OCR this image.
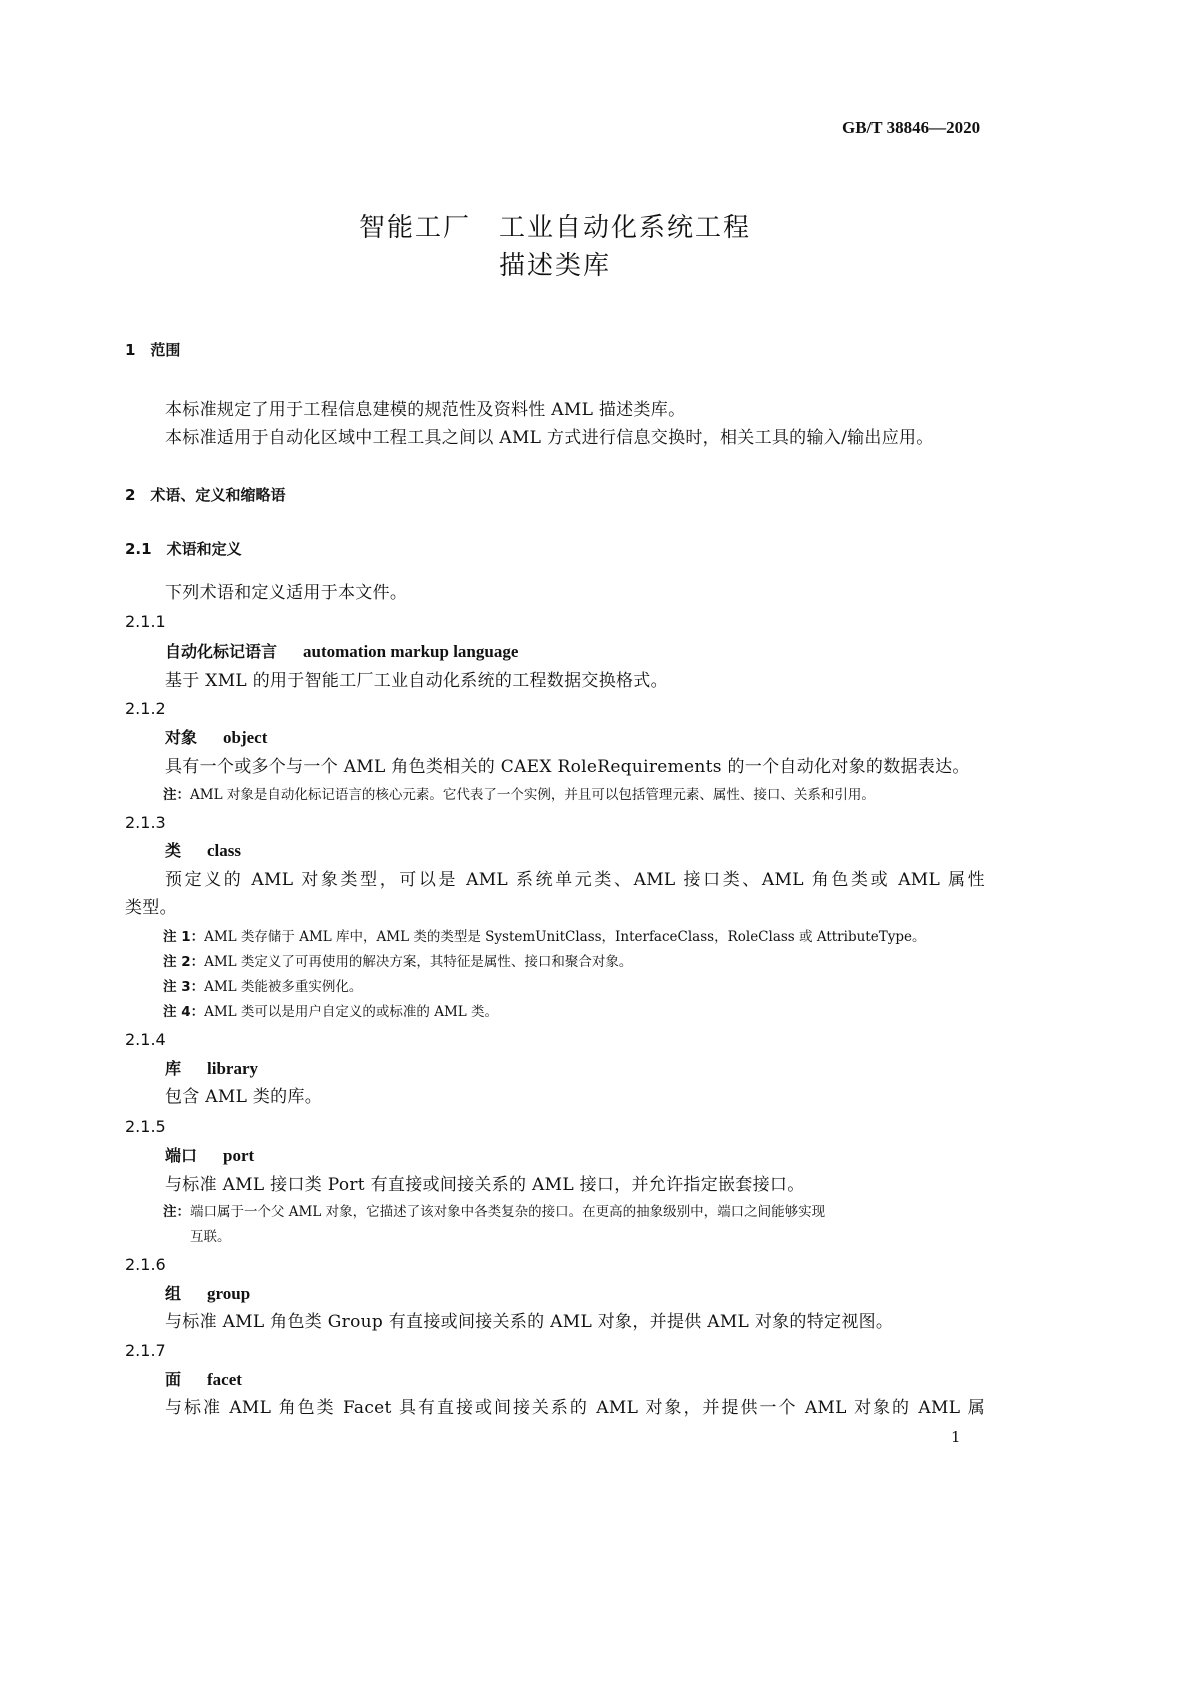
GB/T 38846—2020
智能工厂　工业自动化系统工程
描述类库
1　范围
本标准规定了用于工程信息建模的规范性及资料性 AML 描述类库。
本标准适用于自动化区域中工程工具之间以 AML 方式进行信息交换时，相关工具的输入/输出应用。
2　术语、定义和缩略语
2.1　术语和定义
下列术语和定义适用于本文件。
2.1.1
自动化标记语言 automation markup language
基于 XML 的用于智能工厂工业自动化系统的工程数据交换格式。
2.1.2
对象 object
具有一个或多个与一个 AML 角色类相关的 CAEX RoleRequirements 的一个自动化对象的数据表达。
注：AML 对象是自动化标记语言的核心元素。它代表了一个实例，并且可以包括管理元素、属性、接口、关系和引用。
2.1.3
类 class
预定义的 AML 对象类型，可以是 AML 系统单元类、AML 接口类、AML 角色类或 AML 属性
类型。
注 1：AML 类存储于 AML 库中，AML 类的类型是 SystemUnitClass，InterfaceClass，RoleClass 或 AttributeType。
注 2：AML 类定义了可再使用的解决方案，其特征是属性、接口和聚合对象。
注 3：AML 类能被多重实例化。
注 4：AML 类可以是用户自定义的或标准的 AML 类。
2.1.4
库 library
包含 AML 类的库。
2.1.5
端口 port
与标准 AML 接口类 Port 有直接或间接关系的 AML 接口，并允许指定嵌套接口。
注：端口属于一个父 AML 对象，它描述了该对象中各类复杂的接口。在更高的抽象级别中，端口之间能够实现
互联。
2.1.6
组 group
与标准 AML 角色类 Group 有直接或间接关系的 AML 对象，并提供 AML 对象的特定视图。
2.1.7
面 facet
与标准 AML 角色类 Facet 具有直接或间接关系的 AML 对象，并提供一个 AML 对象的 AML 属
1
